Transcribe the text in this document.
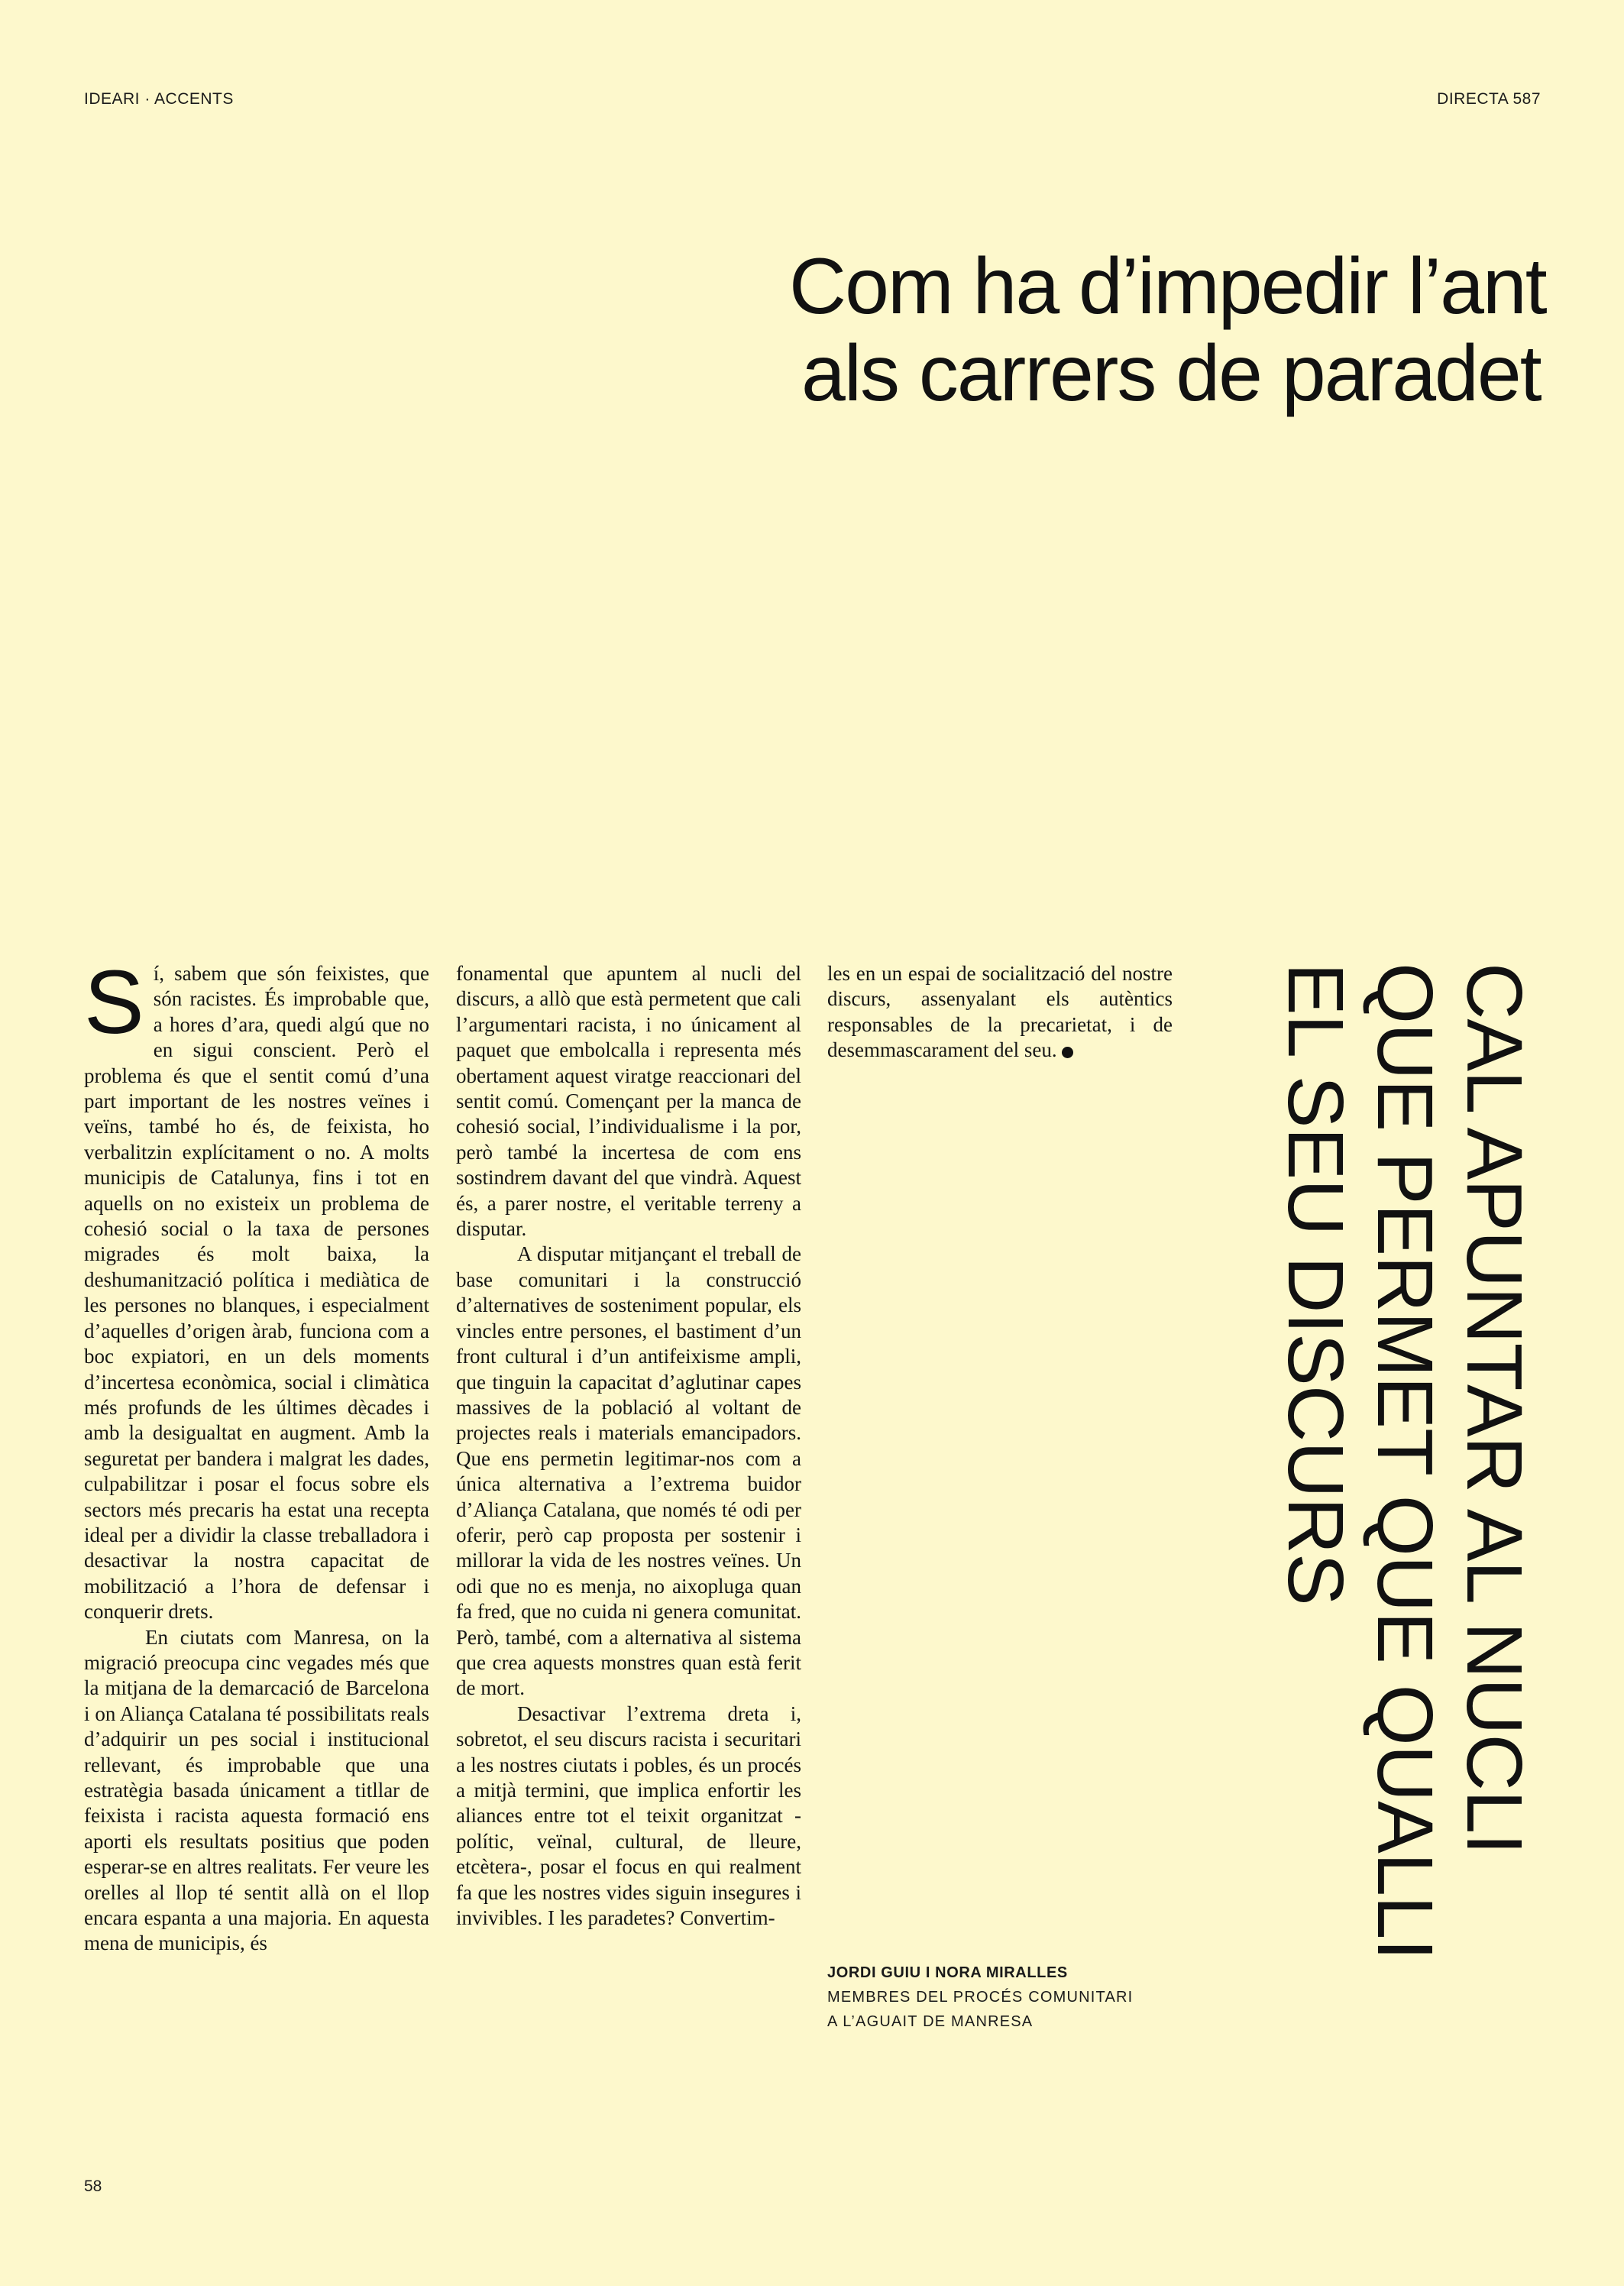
IDEARI · ACCENTS	DIRECTA 587
Com ha d’impedir l’ant
als carrers de paradet

Sí, sabem que són feixistes, que són racistes. És improbable que, a hores d’ara, quedi algú que no en sigui conscient. Però el problema és que el sentit comú d’una part important de les nostres veïnes i veïns, també ho és, de feixista, ho verbalitzin explícitament o no. A molts municipis de Catalunya, fins i tot en aquells on no existeix un problema de cohesió social o la taxa de persones migrades és molt baixa, la deshumanització política i mediàtica de les persones no blanques, i especialment d’aquelles d’origen àrab, funciona com a boc expiatori, en un dels moments d’incertesa econòmica, social i climàtica més profunds de les últimes dècades i amb la desigualtat en augment. Amb la seguretat per bandera i malgrat les dades, culpabilitzar i posar el focus sobre els sectors més precaris ha estat una recepta ideal per a dividir la classe treballadora i desactivar la nostra capacitat de mobilització a l’hora de defensar i conquerir drets.

En ciutats com Manresa, on la migració preocupa cinc vegades més que la mitjana de la demarcació de Barcelona i on Aliança Catalana té possibilitats reals d’adquirir un pes social i institucional rellevant, és improbable que una estratègia basada únicament a titllar de feixista i racista aquesta formació ens aporti els resultats positius que poden esperar-se en altres realitats. Fer veure les orelles al llop té sentit allà on el llop encara espanta a una majoria. En aquesta mena de municipis, és

fonamental que apuntem al nucli del discurs, a allò que està permetent que cali l’argumentari racista, i no únicament al paquet que embolcalla i representa més obertament aquest viratge reaccionari del sentit comú. Començant per la manca de cohesió social, l’individualisme i la por, però també la incertesa de com ens sostindrem davant del que vindrà. Aquest és, a parer nostre, el veritable terreny a disputar.

A disputar mitjançant el treball de base comunitari i la construcció d’alternatives de sosteniment popular, els vincles entre persones, el bastiment d’un front cultural i d’un antifeixisme ampli, que tinguin la capacitat d’aglutinar capes massives de la població al voltant de projectes reals i materials emancipadors. Que ens permetin legitimar-nos com a única alternativa a l’extrema buidor d’Aliança Catalana, que només té odi per oferir, però cap proposta per sostenir i millorar la vida de les nostres veïnes. Un odi que no es menja, no aixopluga quan fa fred, que no cuida ni genera comunitat. Però, també, com a alternativa al sistema que crea aquests monstres quan està ferit de mort.

Desactivar l’extrema dreta i, sobretot, el seu discurs racista i securitari a les nostres ciutats i pobles, és un procés a mitjà termini, que implica enfortir les aliances entre tot el teixit organitzat -polític, veïnal, cultural, de lleure, etcètera-, posar el focus en qui realment fa que les nostres vides siguin insegures i invivibles. I les paradetes? Convertim-

les en un espai de socialització del nostre discurs, assenyalant els autèntics responsables de la precarietat, i de desemmascarament del seu.	CAL APUNTAR AL NUCLI
QUE PERMET QUE QUALLI
EL SEU DISCURS
JORDI GUIU I NORA MIRALLES
MEMBRES DEL PROCÉS COMUNITARI
A L’AGUAIT DE MANRESA
58
